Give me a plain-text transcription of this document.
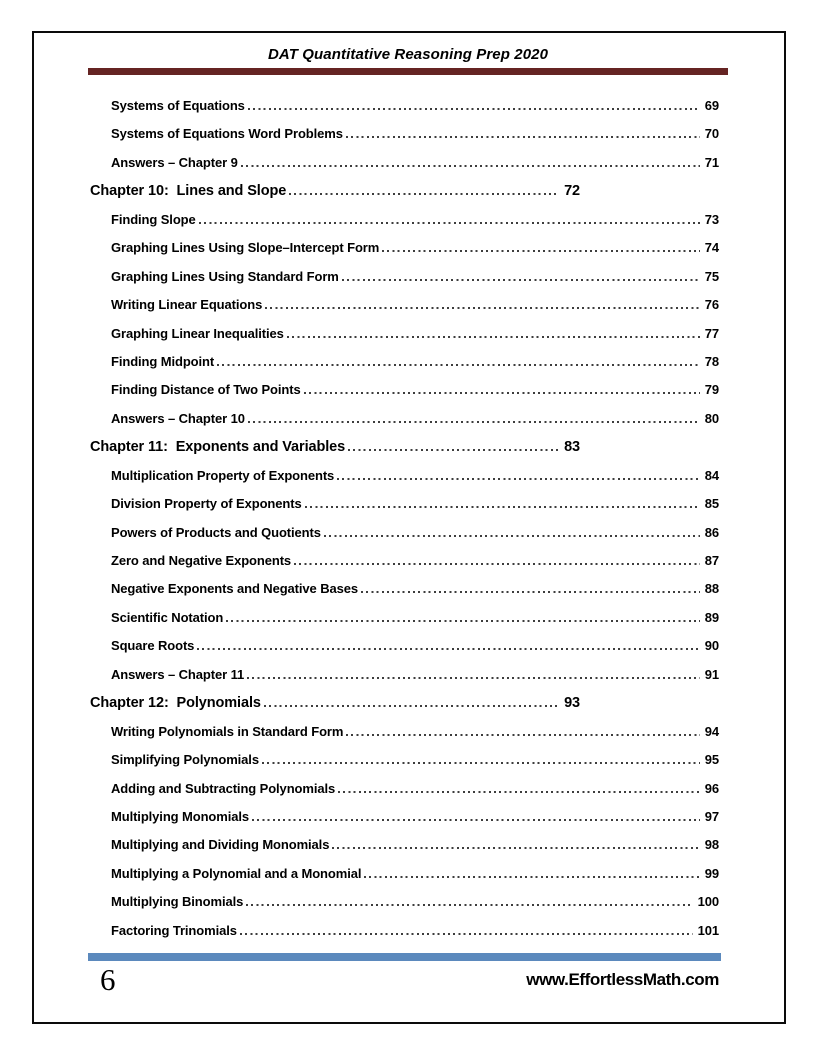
DAT Quantitative Reasoning Prep 2020
Systems of Equations	69
Systems of Equations Word Problems	70
Answers – Chapter 9	71
Chapter 10:  Lines and Slope	72
Finding Slope	73
Graphing Lines Using Slope–Intercept Form	74
Graphing Lines Using Standard Form	75
Writing Linear Equations	76
Graphing Linear Inequalities	77
Finding Midpoint	78
Finding Distance of Two Points	79
Answers – Chapter 10	80
Chapter 11:  Exponents and Variables	83
Multiplication Property of Exponents	84
Division Property of Exponents	85
Powers of Products and Quotients	86
Zero and Negative Exponents	87
Negative Exponents and Negative Bases	88
Scientific Notation	89
Square Roots	90
Answers – Chapter 11	91
Chapter 12:  Polynomials	93
Writing Polynomials in Standard Form	94
Simplifying Polynomials	95
Adding and Subtracting Polynomials	96
Multiplying Monomials	97
Multiplying and Dividing Monomials	98
Multiplying a Polynomial and a Monomial	99
Multiplying Binomials	100
Factoring Trinomials	101
6	www.EffortlessMath.com
